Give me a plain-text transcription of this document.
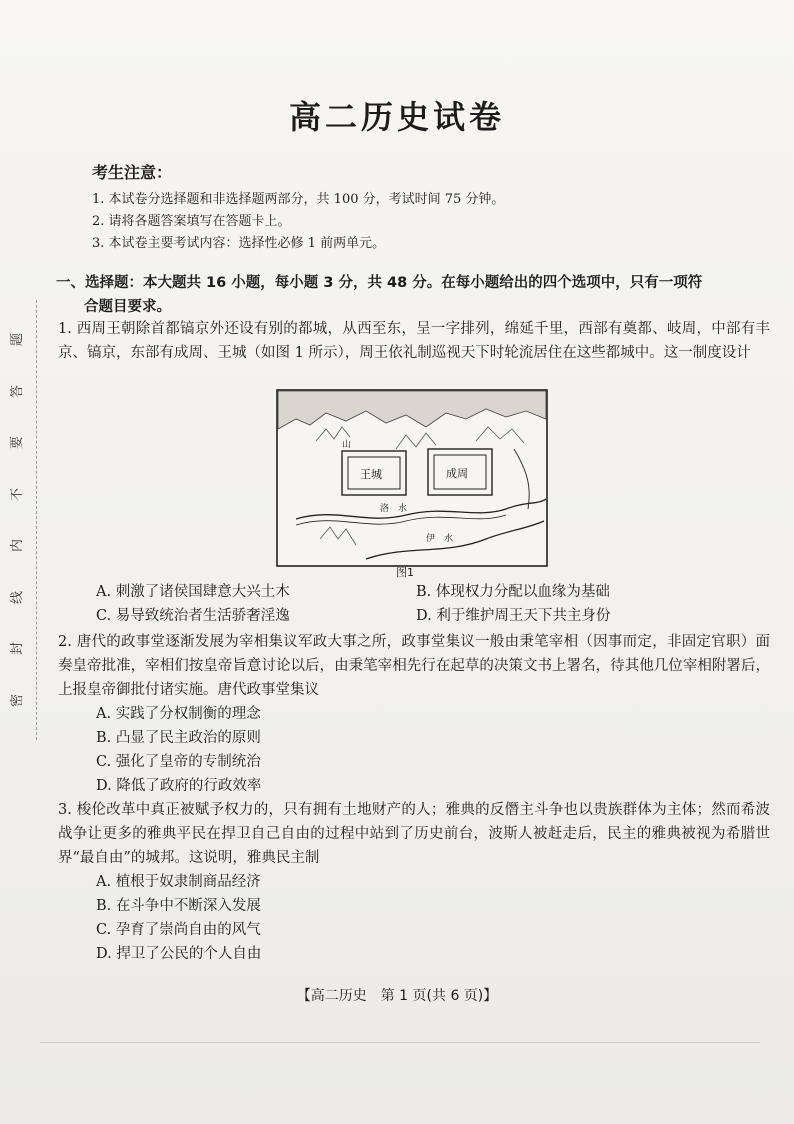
题
答
要
不
内
线
封
密
高二历史试卷
考生注意：
1. 本试卷分选择题和非选择题两部分，共 100 分，考试时间 75 分钟。
2. 请将各题答案填写在答题卡上。
3. 本试卷主要考试内容：选择性必修 1 前两单元。
一、选择题：本大题共 16 小题，每小题 3 分，共 48 分。在每小题给出的四个选项中，只有一项符
合题目要求。
1. 西周王朝除首都镐京外还设有别的都城，从西至东，呈一字排列，绵延千里，西部有奠都、岐周，中部有丰京、镐京，东部有成周、王城（如图 1 所示），周王依礼制巡视天下时轮流居住在这些都城中。这一制度设计
山
王城	成周
洛　水
伊　水
图1
A. 刺激了诸侯国肆意大兴土木	B. 体现权力分配以血缘为基础
C. 易导致统治者生活骄奢淫逸	D. 利于维护周王天下共主身份
2. 唐代的政事堂逐渐发展为宰相集议军政大事之所，政事堂集议一般由秉笔宰相（因事而定，非固定官职）面奏皇帝批准，宰相们按皇帝旨意讨论以后，由秉笔宰相先行在起草的决策文书上署名，待其他几位宰相附署后，上报皇帝御批付诸实施。唐代政事堂集议
A. 实践了分权制衡的理念
B. 凸显了民主政治的原则
C. 强化了皇帝的专制统治
D. 降低了政府的行政效率
3. 梭伦改革中真正被赋予权力的，只有拥有土地财产的人；雅典的反僭主斗争也以贵族群体为主体；然而希波战争让更多的雅典平民在捍卫自己自由的过程中站到了历史前台，波斯人被赶走后，民主的雅典被视为希腊世界“最自由”的城邦。这说明，雅典民主制
A. 植根于奴隶制商品经济
B. 在斗争中不断深入发展
C. 孕育了崇尚自由的风气
D. 捍卫了公民的个人自由
【高二历史　第 1 页(共 6 页)】
